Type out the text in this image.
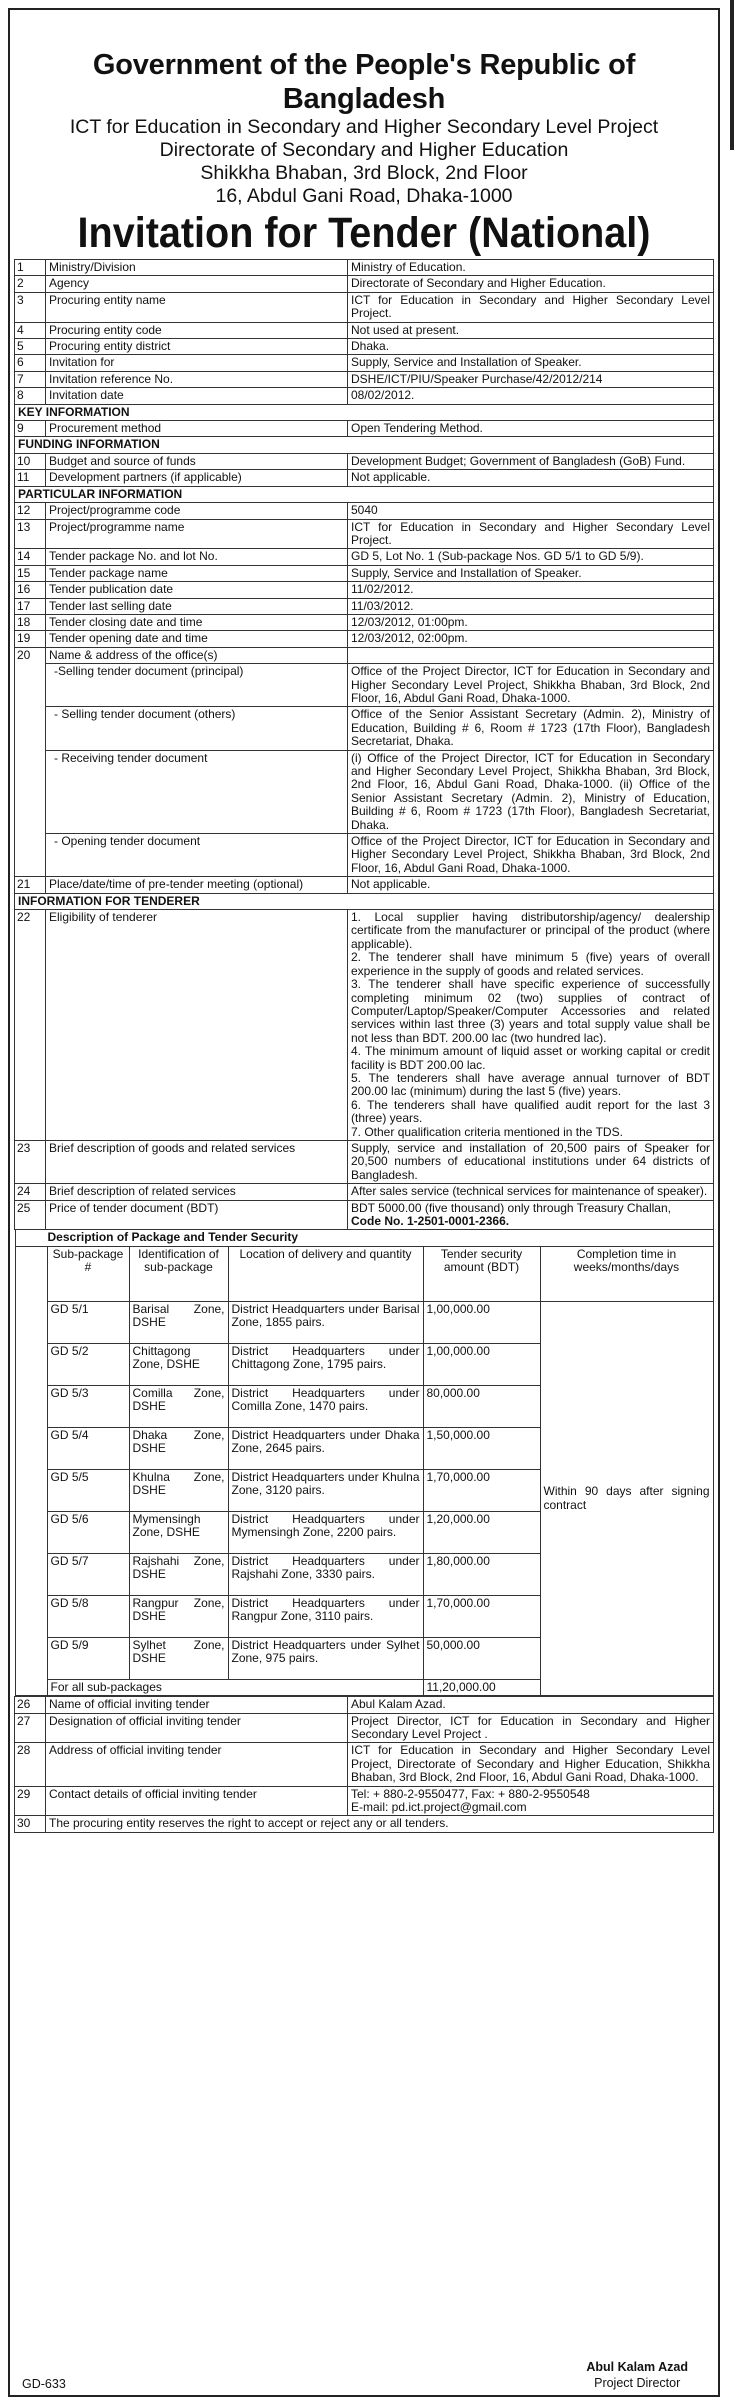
Government of the People's Republic of Bangladesh
ICT for Education in Secondary and Higher Secondary Level Project
Directorate of Secondary and Higher Education
Shikkha Bhaban, 3rd Block, 2nd Floor
16, Abdul Gani Road, Dhaka-1000
Invitation for Tender (National)
1	Ministry/Division	Ministry of Education.
2	Agency	Directorate of Secondary and Higher Education.
3	Procuring entity name	ICT for Education in Secondary and Higher Secondary Level Project.
4	Procuring entity code	Not used at present.
5	Procuring entity district	Dhaka.
6	Invitation for	Supply, Service and Installation of Speaker.
7	Invitation reference No.	DSHE/ICT/PIU/Speaker Purchase/42/2012/214
8	Invitation date	08/02/2012.
KEY INFORMATION
9	Procurement method	Open Tendering Method.
FUNDING INFORMATION
10	Budget and source of funds	Development Budget; Government of Bangladesh (GoB) Fund.
11	Development partners (if applicable)	Not applicable.
PARTICULAR INFORMATION
12	Project/programme code	5040
13	Project/programme name	ICT for Education in Secondary and Higher Secondary Level Project.
14	Tender package No. and lot No.	GD 5, Lot No. 1 (Sub-package Nos. GD 5/1 to GD 5/9).
15	Tender package name	Supply, Service and Installation of Speaker.
16	Tender publication date	11/02/2012.
17	Tender last selling date	11/03/2012.
18	Tender closing date and time	12/03/2012, 01:00pm.
19	Tender opening date and time	12/03/2012, 02:00pm.
20	Name & address of the office(s)	
-Selling tender document (principal)	Office of the Project Director, ICT for Education in Secondary and Higher Secondary Level Project, Shikkha Bhaban, 3rd Block, 2nd Floor, 16, Abdul Gani Road, Dhaka-1000.
- Selling tender document (others)	Office of the Senior Assistant Secretary (Admin. 2), Ministry of Education, Building # 6, Room # 1723 (17th Floor), Bangladesh Secretariat, Dhaka.
- Receiving tender document	(i) Office of the Project Director, ICT for Education in Secondary and Higher Secondary Level Project, Shikkha Bhaban, 3rd Block, 2nd Floor, 16, Abdul Gani Road, Dhaka-1000. (ii) Office of the Senior Assistant Secretary (Admin. 2), Ministry of Education, Building # 6, Room # 1723 (17th Floor), Bangladesh Secretariat, Dhaka.
- Opening tender document	Office of the Project Director, ICT for Education in Secondary and Higher Secondary Level Project, Shikkha Bhaban, 3rd Block, 2nd Floor, 16, Abdul Gani Road, Dhaka-1000.
21	Place/date/time of pre-tender meeting (optional)	Not applicable.
INFORMATION FOR TENDERER
22	Eligibility of tenderer	1. Local supplier having distributorship/agency/ dealership certificate from the manufacturer or principal of the product (where applicable).
2. The tenderer shall have minimum 5 (five) years of overall experience in the supply of goods and related services.
3. The tenderer shall have specific experience of successfully completing minimum 02 (two) supplies of contract of Computer/Laptop/Speaker/Computer Accessories and related services within last three (3) years and total supply value shall be not less than BDT. 200.00 lac (two hundred lac).
4. The minimum amount of liquid asset or working capital or credit facility is BDT 200.00 lac.
5. The tenderers shall have average annual turnover of BDT 200.00 lac (minimum) during the last 5 (five) years.
6. The tenderers shall have qualified audit report for the last 3 (three) years.
7. Other qualification criteria mentioned in the TDS.

23	Brief description of goods and related services	Supply, service and installation of 20,500 pairs of Speaker for 20,500 numbers of educational institutions under 64 districts of Bangladesh.
24	Brief description of related services	After sales service (technical services for maintenance of speaker).
25	Price of tender document (BDT)	BDT 5000.00 (five thousand) only through Treasury Challan,
Code No. 1-2501-0001-2366.

Description of Package and Tender Security
	Sub-package #	Identification of sub-package	Location of delivery and quantity	Tender security amount (BDT)	Completion time in weeks/months/days
	GD 5/1	Barisal Zone, DSHE	District Headquarters under Barisal Zone, 1855 pairs.	1,00,000.00	Within 90 days after signing contract
	GD 5/2	Chittagong Zone, DSHE	District Headquarters under Chittagong Zone, 1795 pairs.	1,00,000.00
	GD 5/3	Comilla Zone, DSHE	District Headquarters under Comilla Zone, 1470 pairs.	80,000.00
	GD 5/4	Dhaka Zone, DSHE	District Headquarters under Dhaka Zone, 2645 pairs.	1,50,000.00
	GD 5/5	Khulna Zone, DSHE	District Headquarters under Khulna Zone, 3120 pairs.	1,70,000.00
	GD 5/6	Mymensingh Zone, DSHE	District Headquarters under Mymensingh Zone, 2200 pairs.	1,20,000.00
	GD 5/7	Rajshahi Zone, DSHE	District Headquarters under Rajshahi Zone, 3330 pairs.	1,80,000.00
	GD 5/8	Rangpur Zone, DSHE	District Headquarters under Rangpur Zone, 3110 pairs.	1,70,000.00
	GD 5/9	Sylhet Zone, DSHE	District Headquarters under Sylhet Zone, 975 pairs.	50,000.00
	For all sub-packages	11,20,000.00

26	Name of official inviting tender	Abul Kalam Azad.
27	Designation of official inviting tender	Project Director, ICT for Education in Secondary and Higher Secondary Level Project .
28	Address of official inviting tender	ICT for Education in Secondary and Higher Secondary Level Project, Directorate of Secondary and Higher Education, Shikkha Bhaban, 3rd Block, 2nd Floor, 16, Abdul Gani Road, Dhaka-1000.
29	Contact details of official inviting tender	Tel: + 880-2-9550477, Fax: + 880-2-9550548
E-mail: pd.ict.project@gmail.com

30	The procuring entity reserves the right to accept or reject any or all tenders.
GD-633
Abul Kalam Azad
Project Director
